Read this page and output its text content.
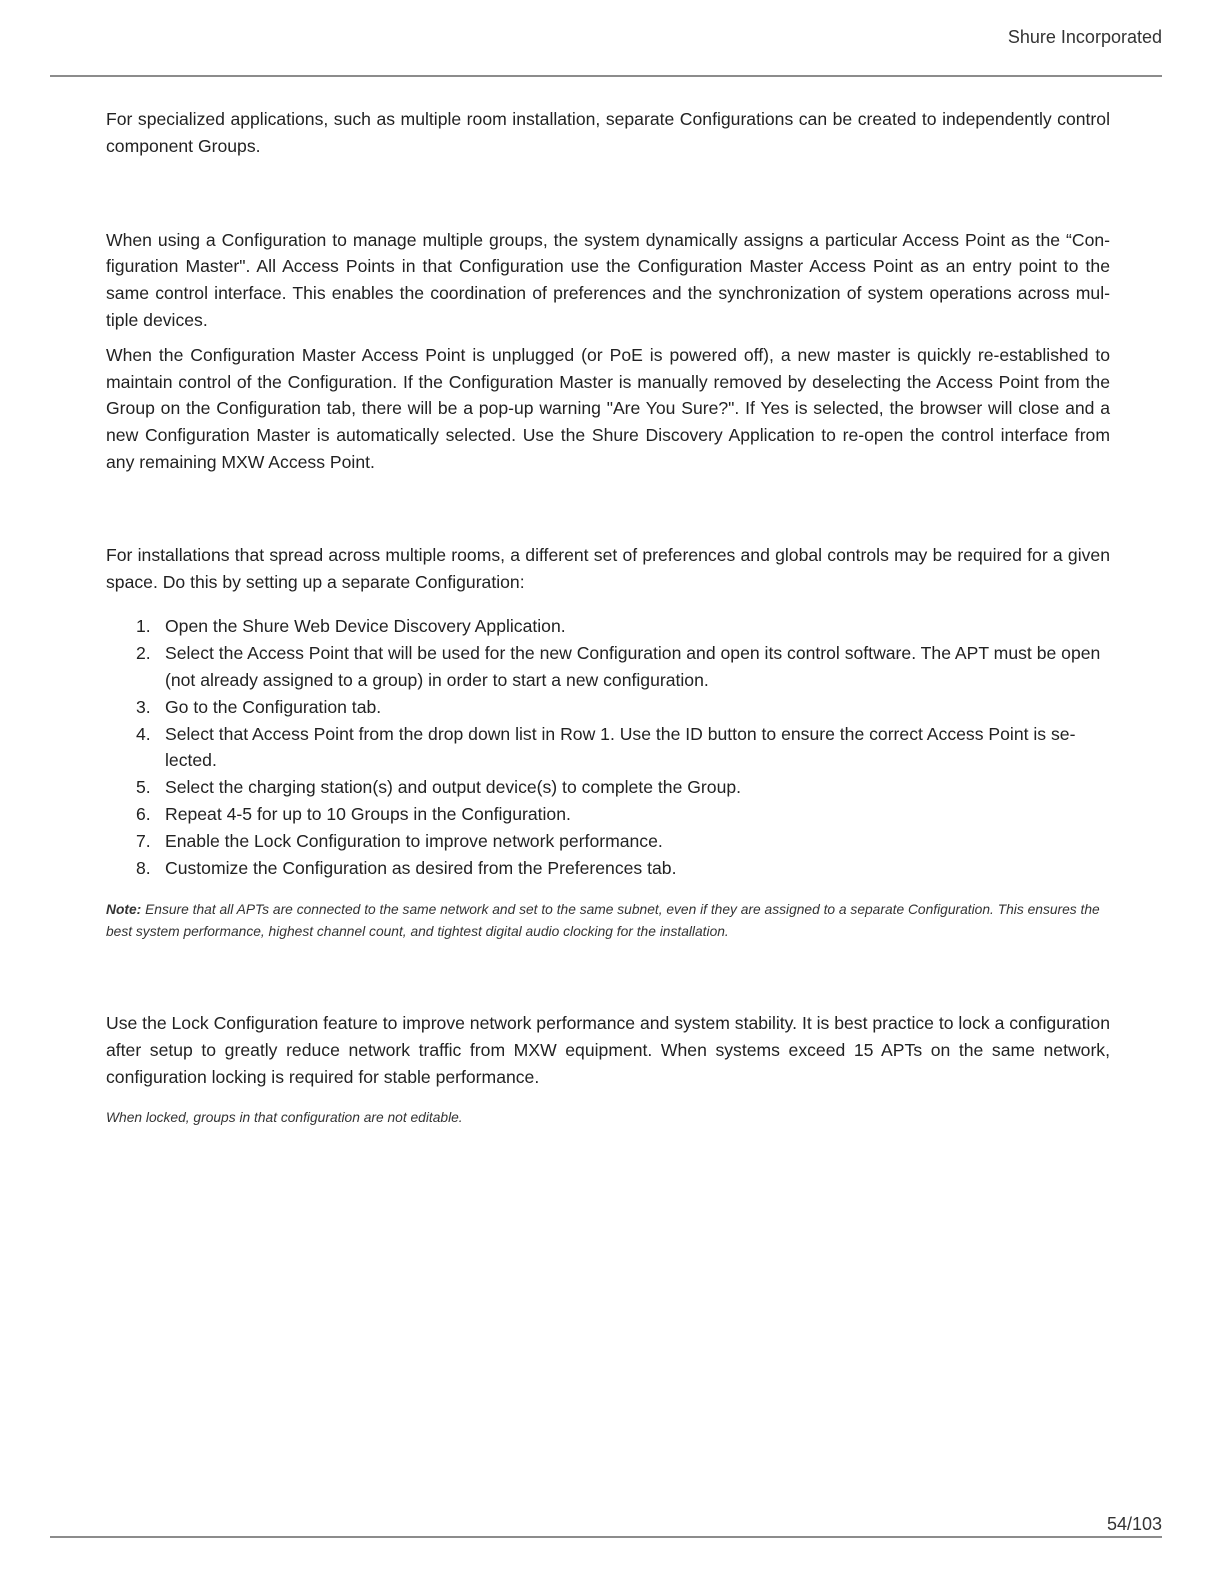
Shure Incorporated

For specialized applications, such as multiple room installation, separate Configurations can be created to independently control component Groups.

When using a Configuration to manage multiple groups, the system dynamically assigns a particular Access Point as the “Configuration Master". All Access Points in that Configuration use the Configuration Master Access Point as an entry point to the same control interface. This enables the coordination of preferences and the synchronization of system operations across multiple devices.

When the Configuration Master Access Point is unplugged (or PoE is powered off), a new master is quickly re-established to maintain control of the Configuration. If the Configuration Master is manually removed by deselecting the Access Point from the Group on the Configuration tab, there will be a pop-up warning "Are You Sure?". If Yes is selected, the browser will close and a new Configuration Master is automatically selected. Use the Shure Discovery Application to re-open the control interface from any remaining MXW Access Point.

For installations that spread across multiple rooms, a different set of preferences and global controls may be required for a given space. Do this by setting up a separate Configuration:

1. Open the Shure Web Device Discovery Application.
2. Select the Access Point that will be used for the new Configuration and open its control software. The APT must be open (not already assigned to a group) in order to start a new configuration.
3. Go to the Configuration tab.
4. Select that Access Point from the drop down list in Row 1. Use the ID button to ensure the correct Access Point is selected.
5. Select the charging station(s) and output device(s) to complete the Group.
6. Repeat 4-5 for up to 10 Groups in the Configuration.
7. Enable the Lock Configuration to improve network performance.
8. Customize the Configuration as desired from the Preferences tab.

Note: Ensure that all APTs are connected to the same network and set to the same subnet, even if they are assigned to a separate Configuration. This ensures the best system performance, highest channel count, and tightest digital audio clocking for the installation.

Use the Lock Configuration feature to improve network performance and system stability. It is best practice to lock a configuration after setup to greatly reduce network traffic from MXW equipment. When systems exceed 15 APTs on the same network, configuration locking is required for stable performance.

When locked, groups in that configuration are not editable.

54/103
